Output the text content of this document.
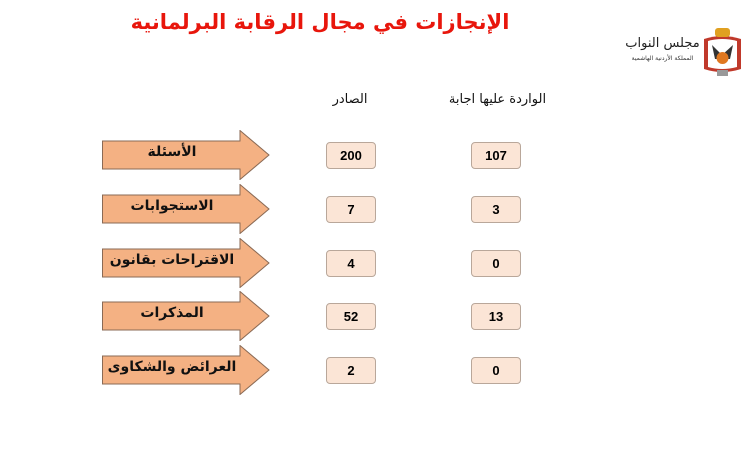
الإنجازات في مجال الرقابة البرلمانية
مجلس النواب
المملكة الأردنية الهاشمية
الصادر	الواردة عليها اجابة
الأسئلة	200	107
الاستجوابات	7	3
الاقتراحات بقانون	4	0
المذكرات	52	13
العرائض والشكاوى	2	0
